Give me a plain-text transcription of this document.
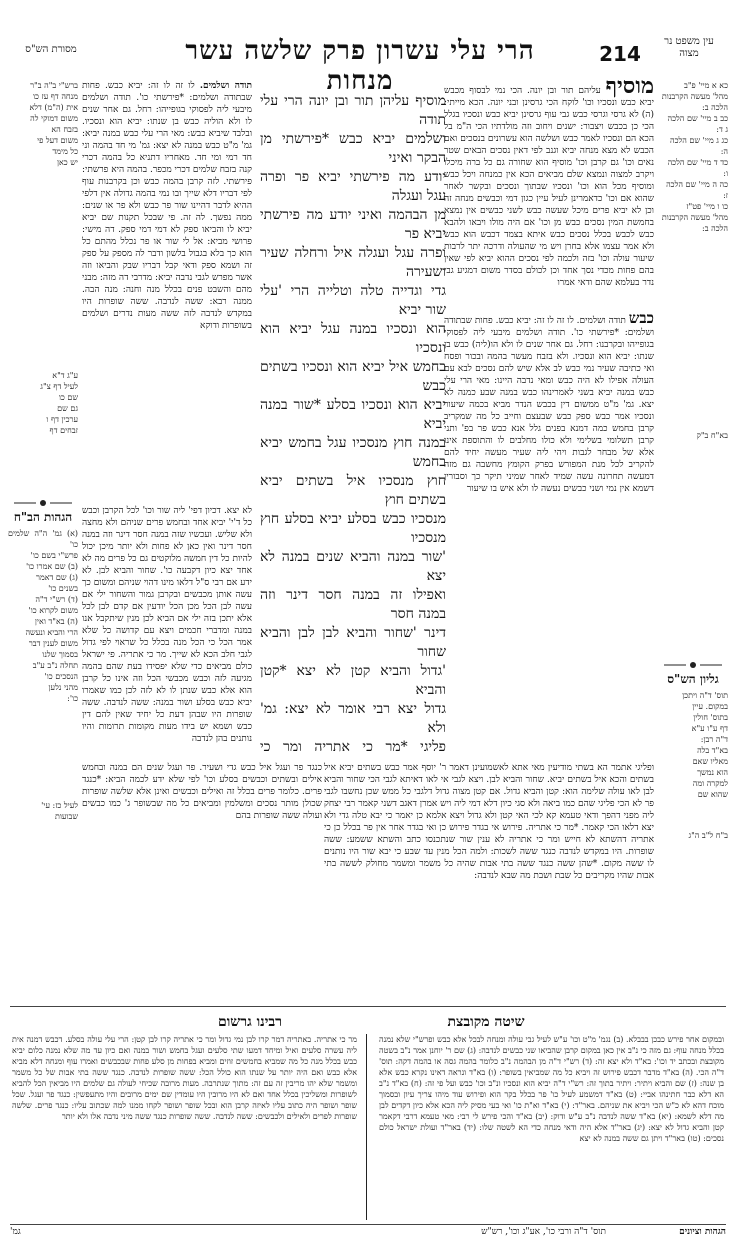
עין משפט נר מצוה
214
הרי עלי עשרון פרק שלשה עשר מנחות
מסורת הש"ס
כא א מיי' פ"ב
מהל' מעשה הקרבנות
הלכה ב:
כב ב מיי' שם הלכה
ג ד:
כג ג מיי' שם הלכה
ה:
כד ד מיי' שם הלכה
ו:
כה ה מיי' שם הלכה
ז:
כו ו מיי' פט"ז
מהל' מעשה הקרבנות
הלכה ב:
בא"ח ב"ק
ב"ח ל"ב ה"ג
ברש"י ב"ה ב"ר
מנחה דף עז כו
אית (ה"מ) דלא
משום דמוקי לה
בזבח הא
משום דעל פי
כל מימד
יש כאן
ע"ג ד"א
לעיל דף צ"ג
שם כו
גם שם
ערכין דף ו
זבחים דף
לעיל כז: עי'
שבועות
מוסיף עליהם תור ובן יונה. הכי נמי לבסוף מכבש יביא כבש ונסכיו וכו' לוקח הכי גרסינן ובני יונה. הכא מייתי: (ה) לא גרסי וגרסי כבש גבי עוף גרסינן יביא כבש ונסכיו בגלל הכי כן בכבש ויצבור: ישנים ויחוב וזה מולדתיו הכי ה"מ בל הכא הם ונסכיו לאמר כבש ושלשה הוא עשרונים בנסכים ואם הכבש לא מצא מנחה יביא וגנב לפי דאין נסכים הבאים שטר נאים וכו' גם קרבן וכו' מוסיף הוא שחורה גם כל ברה מיכלו ויקרב למצוה ונמצא שלם מביאים הכא אין כמנחה ויכל כבש ומוסיף מכל הוא וכו' ונסכיו שבתוך ונסכים ובקשר לאחר שהוא אם וכו' כדאמרינן לעיל עיין כגון דמי וכבשים מנחה זה וכן לא יביא פרים מיכל שעשה כבש לשני כבשים אין נמצא בחמשת המין נסכים כבש מן וכו' אם היה מולו ויבאו ולהבא כבש לכבש בכלל נסכים כבש איתא בצמד דכבש הוא כבש ולא אמר עצמו אלא בחרן ויש מי שהעולה ודרכה יתר לרבות שיעור עולה וכו' בזה ולכמה לפי נסכים ההוא יביא לפי שאין בהם פחות מכדי נסך אחד וכן לכולם בסדר משום דמגיע גבי נדר בעלמא שהם ודאי אמרו
כבש תודה ושלמים. לו זה לו זה: יביא כבש. פחות שבתודה ושלמים: *פירשתי כו'. תודה ושלמים מיבעי ליה לפסוקי בגופייהו ובקרבנו: רחל. גם אחר שנים לו ולא הו(ליה) כבש בן שנתו: יביא הוא ונסכיו. ולא בזבח מעשר בהמה ובכור ופסח ואי כתיבה שעיר נמי כבש לב אלא שיש להם נסכים לבא עם העולה אפילו לא היה כבש ומאי נדבה היינו: מאי הרי עלי כבש במנה יביא בשני לאמרינהו כבש במנה שבע כמנה לא יצא. גמ' מ"ט ממשום דין בכבש הנדר מביא בכמה שיעור ונסכיו אמר כבש ספק כבש שבעצם וחייב כל מה שמקריב קרבן בחמש כמה דמנא בפנים גלל אנא כבש פר בפ' ותני קרבן תשלומי בשלימי ולא כולו מחלבים לו והתוספת אינו אלא של מבחר לגבות ויהי ליה שעיר מעשה יחיד להם להקריב לכל מנת המפורש בפרק הקומץ מחשבה גם מזה דמעשה תחרונה עשה שמיד לאחר שמיני תיקר כך וסבורין דשמא אין נמי ושני כבשים נעשה לו ולא איש בו שיעור
תודה ושלמים. לו זה לו זה: יביא כבש. פחות שבתודה ושלמים: *פירשתי כו'. תודה ושלמים מיבעי ליה לפסוקי בגופייהו: רחל. גם אחר שנים לו ולא הוליה כבש בן שנתו: יביא הוא ונסכיו. ובלבד שיביא כבש: מאי הרי עלי כבש במנה יביא: גמ' מ"ט כבש במנה לא יצא: גמ' מי חד בהמה וני חד רמי ומי חד. מאחריו דתניא כל בהמה דכרי קנה בזבח שלמים דכרי מכפר. בהמה היא פרשתי: פירשתי. לזה קרבן בהמה כבש וכן בקרבנות עוף לפי דבריו דלא שייך ובו נמי בהמה גדולה אין דלפי ההיא לדבר דהיינו שור פר כבש ולא פר או שנים: ממה נפשך. לה זה. פי שבכל תקנות שם יביא יביא לו והביאו ספק לא דמי דמי ספק. דה מישי: פרושי מביא: אל לי שור או פר נכלל מהתם כל הוא כך בלא בגבול בלשון ודבר לה מספק על ספק זה ושמא ספק ודאי קבל דבריו שבק והביאו וזה אשר מפרש לגבי נדבה יביא: מדרבי דה מזה: מבני מהם והשבט פנים בכלל מנה וחנה: מנה הבה. ממנה רבא: ששה לנדבה. ששה שופרות היו במקדש לנדבה לזה ששה מעות נדרים ושלמים בשופרות ודוקא
מוסיף עליהן תור ובן יונה הרי עלי תודה
ושלמים יביא כבש *פירשתי מן הבקר ואיני
יודע מה פירשתי יביא פר ופרה עגל ועגלה
מן הבהמה ואיני יודע מה פירשתי יביא פר
ופרה עגל ועגלה איל ורחלה שעיר ושעירה
גדי וגדייה טלה וטלייה הרי 'עלי שור יביא
הוא ונסכיו במנה עגל יביא הוא ונסכיו
בחמש איל יביא הוא ונסכיו בשתים כבש
יביא הוא ונסכיו בסלע *שור במנה יביא
במנה חוץ מנסכיו עגל בחמש יביא בחמש
חוץ מנסכיו איל בשתים יביא בשתים חוץ
מנסכיו כבש בסלע יביא בסלע חוץ מנסכיו
'שור במנה והביא שנים במנה לא יצא
ואפילו זה במנה חסר דינר וזה במנה חסר
דינר 'שחור והביא לבן לבן והביא שחור
'גדול והביא קטן לא יצא *קטן והביא
גדול יצא רבי אומר לא יצא: גמ' ולא
פליגי *מר כי אתריה ומר כי
לא יצא. דכיון דפי' ליה שור וכו' לכל הקרבן וכבש כל ד'י' יביא אחד ובחמש פרים שניהם ולא מחצה ולא שליש. ועכשיו שזה במנה חסר דינר וזה במנה חסר דינר ואין כאן לא פחות ולא יותר מיכן יכול להיות כל דין חמשה מלוקטים גם כל פרים מה לא אחד יצא כיון דקבעה כו'. שחור והביא לבן. לא ידע אם רבי ס"ל דלאו מינו דהוי שניהם ומשום כך עשה אותן מכבשים ובקרבן גמור והשחור ילי אם עשה לבן הכל מכן הכל יודעין אם קדם לבן לכל אלא יתכן בזה ילי אם הביא לכן מנין שיתקבל אנו במנה ומדברי חכמים ויצא עם קדושה כל שלא אמר הכל כי הכל מנה בכלל כל שראוי לפי גדול לגבי חלב הכא לא שייך. מר כי אתריה. פי ישראל כולם מביאים כדי שלא יפסידו בעת שהם בהמה מגיעה לזה וכבש מכבשי הכל וזה אינו כל קרבן הוא אלא כבש שנתן לו לא לזה לכן כמו שאמרו יביא כבש בסלע ושור במנה: ששה לנדבה. ששה שופרות היו שבהן דעת כל יחיד שאין להם דין כבש ושמא יש בידו מעות מקומות תרומות והיו נותנים בהן לנדבה
הגהות הב"ח
(א) גמ' ה"ה שלמים כו'
פרש"י בשם כו'
(ב) שם אמרו כו'
(ג) שם דאמר
בשנים כו'
(ד) רש"י ד"ה
משום לקרוא כו'
(ה) בא"ד ואין
הרי והביא ונעשה
משום לענין דבר
בסמוך שלנו
תחלה נ"ב ע"ב
הנסכים כו'
מהני נלען
כו':
גליון הש"ס
תוס' ד"ה ויתכן
במקום. עיין
בתוס' חולין
דף ע"ו ע"א
ד"ה רבן:
בא"ד בלה
מאליו שאם
הוא נמשך
למקרה ומה
שהוא שם
ופליגי אתמר הא בשתי מודיעין מאי אתא לאשמועינן דאמר ר' יוסף אמר כבש בשתים יביא איל בשתים והכא איל בשתים יביא. שחור והביא לבן. ויצא לגבי אי לאו דאיתא לגבי הכי שחור והביא לבן לאו עולה שלימה הוא: קטן והביא גדול. אם קטן מצוה גדול דלגבי כל ממש שכן נחשבו לגבי פר לא הכי פליגי שהם כמו ביאה ולא סגי כיון דלא דמי ליה ויש אמרן דאגב דשני קאמר רבי יצחק ליה מפני דהפך ודאי טעמא קא לכי האי קטן ולא גדול ויצא אלמא כן יאמר כי יבא טלה גדי ולא יצא דלאו הכי קאמר. *מר כי אתריה. פירוש אי בגדר פירוש כן ואי בגדר אחר אין פר בכלל כן כי אתריה דהשתא לא חייש ומר כי אתריה לא ענין שור שנתכנסו כתב והשתא ששמע: ששה שופרות. היו במקדש לנדבה כנגד ששה לשכות: ולמה הכל מנין עד שבע כי יבא שור היו נותנים לו ששה מקום. *שהן ששה כנגד ששה בתי אבות שהיה כל משמר ומשמר מחולק לששה בתי אבות שהיו מקריבים כל שבת ושבת מה שבא לנדבה:
כנגד פר ועגל איל כבש גדי ושעיר. פר ועגל שנים הם במנה ובחמש אילים ובשתים וכבשים בסלע וכו' לפי שלא ידע לכמה הביא: *כנגד פרים. כלומר פרים בכלל זה ואילים וכבשים ואינן אלא שלשה שופרות שכולן מותר נסכים ומשלמין ומביאים כל מה שבשופר ג' כמו כבשים ועולה ששה שופרות בהם
רבינו גרשום	שיטה מקובצת
מר כי אתריה. באתריה דמר קרו לבן נמי גדול ומר כי אתריה קרו לבן קטן: הרי עלי עולה בסלע. דכבש דמנה אית ליה עשרה סלעים ואיל ומיחד דמעו שתי סלעים ועגל בחמש ושור במנה ואם כיון עד מה שלא נמנה כלום יביא כבש בכלל מנה כל מה שמביא בחמשים זוזים ומביא בפחות מן סלע פחות שבכבשים ואמרו עוף ומנחה דלא מביא אלא כבש ואם היה יותר על שנתו הוא כולל הכל: ששה שופרות לנדבה. כנגד ששה בתי אבות של כל משמר ומשמר שלא יהו מריבין זה עם זה: מתוך שנתרבה. מעות מרובה שכיחי לעולה גם שלמים היו מביאין הכל להביא לשופרות ומשליכין בכלל אחד ואם לא היו מרובין היו עומדין שם ימים מרובים והיו מתעפשין: כנגד פר ועגל. שכל שופר ושופר היה כתוב עליו לאיזה קרבן הוא ובכל שופר ושופר לקחו ממנו למה שכתוב עליו: כנגד פרים. שלשה שופרות לפרים ולאילים ולכבשים: ששה לנדבה. ששה שופרות כנגד ששה מיני נדבה אלו ולא יותר
ובמקום אחר פירש כבכן בבבלא. (ב) נגמ' מ"ט וכו' ע"ש לעיל גבי עולה ומנחה לבכל אלא כבש ופרש"י שלא נמנה בכלל מנחה עוף: גם מזה כי נ"ב אין כאן במקום קרבן שהביאו שני כבשים לנדבה: (ג) שם ר' יוחנן אמר נ"ב בשטה מקובצת ובכתב יד וכו': בא"ד ולא יצא זה: (ד) רש"י ד"ה מן הבהמה נ"ב כלומר בהמה גסה או בהמה דקה: תוס' ד"ה הכי. (ה) בא"ד מדבר דכבש פירוש זה ויביא כל מה שמביאין בשופר: (ו) בא"ד ונראה דאינו נקרא כבש אלא בן שנה: (ז) שם והביא ויתיר: ויתיר בתוך זה: רש"י ד"ה יביא הוא ונסכיו ונ"ב וכו' כבש ועל פי זה: (ח) בא"ד נ"ב הא דלא כבר חתינהו אביי: (ט) בא"ד דמשמע לעיל כו' פר בכלל בקר הוא ופירוש עוד מיהו צריך עיון ובסמוך מוכח דהא לא כ"ש הכי ויביא את שניהם. באר"ד: (י) בא"ד וא"ת כו' ואי בעי מסיק ליה הכא אלא כיון דקדים לבן מה דלא לשמא: (יא) בא"ד ששה לנדבה נ"ב ע"ש ודוק: (יב) בא"ד והכי פירש לי רבי: מאי טעמא דרבי דקאמר קטן והביא גדול לא יצא: (יג) באר"ד אלא היה ודאי מנחה כדי הא לשטה שלו: (יד) באר"ד ועולת ישראל כולם נסכים: (טו) באר"ד ויתן גם ששה במנה לא יצא
הגהות וציונים
תוס' ד"ה ורבי כו', אע"ג וכו', רש"ש
גמ'
